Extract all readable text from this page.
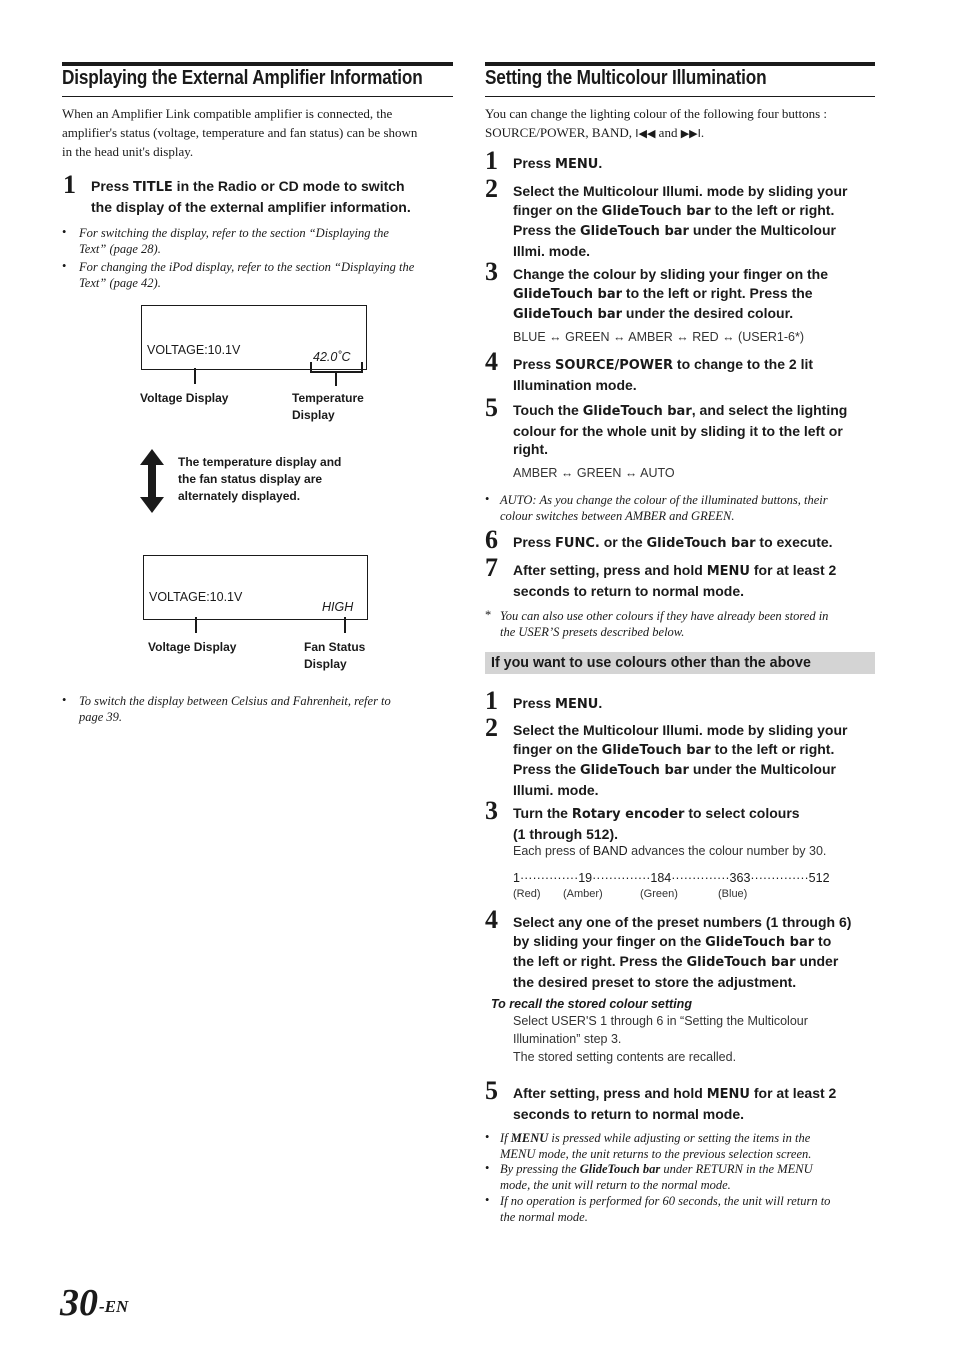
Displaying the External Amplifier Information
When an Amplifier Link compatible amplifier is connected, the
amplifier's status (voltage, temperature and fan status) can be shown
in the head unit's display.
1 Press TITLE in the Radio or CD mode to switch
the display of the external amplifier information.
• For switching the display, refer to the section “Displaying the
Text” (page 28).
• For changing the iPod display, refer to the section “Displaying the
Text” (page 42).
VOLTAGE:10.1V	42.0˚C
Voltage Display	Temperature
Display
The temperature display and
the fan status display are
alternately displayed.
VOLTAGE:10.1V
HIGH
Voltage Display	Fan Status
Display
• To switch the display between Celsius and Fahrenheit, refer to
page 39.
Setting the Multicolour Illumination
You can change the lighting colour of the following four buttons :
SOURCE/POWER, BAND, I◀◀ and ▶▶I.
1 Press MENU.
2 Select the Multicolour Illumi. mode by sliding your
finger on the GlideTouch bar to the left or right.
Press the GlideTouch bar under the Multicolour
Illmi. mode.
3 Change the colour by sliding your finger on the
GlideTouch bar to the left or right. Press the
GlideTouch bar under the desired colour.
BLUE ↔ GREEN ↔ AMBER ↔ RED ↔ (USER1-6*)
4 Press SOURCE/POWER to change to the 2 lit
Illumination mode.
5 Touch the GlideTouch bar, and select the lighting
colour for the whole unit by sliding it to the left or
right.
AMBER ↔ GREEN ↔ AUTO
• AUTO: As you change the colour of the illuminated buttons, their
colour switches between AMBER and GREEN.
6 Press FUNC. or the GlideTouch bar to execute.
7 After setting, press and hold MENU for at least 2
seconds to return to normal mode.
* You can also use other colours if they have already been stored in
the USER’S presets described below.
If you want to use colours other than the above
1 Press MENU.
2 Select the Multicolour Illumi. mode by sliding your
finger on the GlideTouch bar to the left or right.
Press the GlideTouch bar under the Multicolour
Illumi. mode.
3 Turn the Rotary encoder to select colours
(1 through 512).
Each press of BAND advances the colour number by 30.
1··············19··············184··············363··············512
(Red) (Amber)	(Green)	(Blue)
4 Select any one of the preset numbers (1 through 6)
by sliding your finger on the GlideTouch bar to
the left or right. Press the GlideTouch bar under
the desired preset to store the adjustment.
To recall the stored colour setting
Select USER'S 1 through 6 in “Setting the Multicolour
Illumination” step 3.
The stored setting contents are recalled.
5 After setting, press and hold MENU for at least 2
seconds to return to normal mode.
• If MENU is pressed while adjusting or setting the items in the
MENU mode, the unit returns to the previous selection screen.
• By pressing the GlideTouch bar under RETURN in the MENU
mode, the unit will return to the normal mode.
• If no operation is performed for 60 seconds, the unit will return to
the normal mode.
30 -EN
